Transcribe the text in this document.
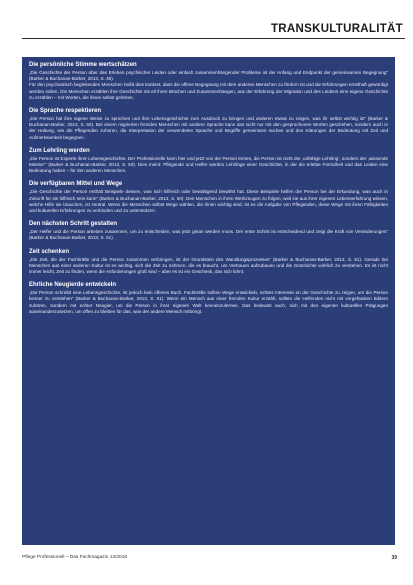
TRANSKULTURALITÄT
Die persönliche Stimme wertschätzen

„Die Geschichte der Person über das Erleben psychischer Leiden oder einfach zusammenhängender Probleme ist der Anfang und Endpunkt der gemeinsamen Begegnung“ (Barker & Buchanan-Barker, 2013, S. 49).

Für den psychiatrisch begleitenden Menschen heißt dies konkret, dass die offene Begegnung mit dem anderen Menschen zu fördern ist und die Erfahrungen ernsthaft gewürdigt werden sollen. Die Menschen erzählen ihre Geschichte mit all ihren Brüchen und Zusammenhängen, aus der Erfahrung der Migration und des Leidens eine eigene Geschichte zu erzählen – mit Worten, die ihnen selbst gehören.

Die Sprache respektieren

„Die Person hat ihre eigene Weise zu sprechen und ihre Lebensgeschichte zum Ausdruck zu bringen und anderen etwas zu zeigen, was ihr selbst wichtig ist“ (Barker & Buchanan-Barker, 2013, S. 50). Bei einem migrierten fremden Menschen mit anderer Sprache kann das nicht nur mit den gesprochenen Worten geschehen, sondern auch in der Haltung, wie die Pflegenden zuhören, die Interpretation der verwendeten Sprache und Begriffe gemeinsam suchen und den Klärungen der Bedeutung mit Zeit und Aufmerksamkeit begegnen.

Zum Lehrling werden

„Die Person ist Experte ihrer Lebensgeschichte. Der Professionelle kann hier und jetzt von der Person lernen, die Person ist nicht der ‚unfähige Lehrling‘, sondern der ‚wissende Meister‘“ (Barker & Buchanan-Barker, 2013, S. 50). Dies meint: Pflegende und Helfer werden Lehrlinge einer Geschichte, in der die erlebte Fremdheit und das Leiden eine Bedeutung haben – für den anderen Menschen.

Die verfügbaren Mittel und Wege

„Die Geschichte der Person enthält Beispiele dessen, was sich hilfreich oder bewältigend bewährt hat. Diese Beispiele helfen der Person bei der Erkundung, was auch in Zukunft für sie hilfreich sein kann“ (Barker & Buchanan-Barker, 2013, S. 50). Den Menschen in ihren Werkzeugen zu folgen, weil sie aus ihrer eigenen Lebenserfahrung wissen, welche Hilfe sie brauchen, ist zentral. Wenn die Menschen selbst Wege wählen, die ihnen wichtig sind, ist es die Aufgabe von Pflegenden, diese Wege mit ihren Fähigkeiten und kulturellen Erfahrungen zu verbinden und zu unterstützen.

Den nächsten Schritt gestalten

„Der Helfer und die Person arbeiten zusammen, um zu entscheiden, was jetzt getan werden muss. Der erste Schritt ist entscheidend und zeigt die Kraft von Veränderungen“ (Barker & Buchanan-Barker, 2013, S. 51).

Zeit schenken

„Die Zeit, die der Fachkräfte und die Person zusammen verbringen, ist der Grundstein des Wandlungsprozesses“ (Barker & Buchanan-Barker, 2013, S. 51). Gerade bei Menschen aus einer anderen Kultur ist es wichtig, sich die Zeit zu nehmen, die es braucht, um Vertrauen aufzubauen und die Geschichte wirklich zu verstehen. Es ist nicht immer leicht, Zeit zu finden, wenn die Anforderungen groß sind – aber es ist ein Geschenk, das sich lohnt.

Ehrliche Neugierde entwickeln

„Die Person schreibt eine Lebensgeschichte, ist jedoch kein offenes Buch. Fachkräfte sollten Wege entwickeln, echtes Interesse an der Geschichte zu zeigen, um die Person besser zu verstehen“ (Barker & Buchanan-Barker, 2013, S. 51). Wenn ein Mensch aus einer fremden Kultur erzählt, sollten die Helfenden nicht mit vorgefassten Bildern zuhören, sondern mit echter Neugier, um die Person in ihrer eigenen Welt kennenzulernen. Das bedeutet auch, sich mit den eigenen kulturellen Prägungen auseinanderzusetzen, um offen zu bleiben für das, was der andere Mensch mitbringt.

Pflege Professionell – Das Fachmagazin 13/2018	39
